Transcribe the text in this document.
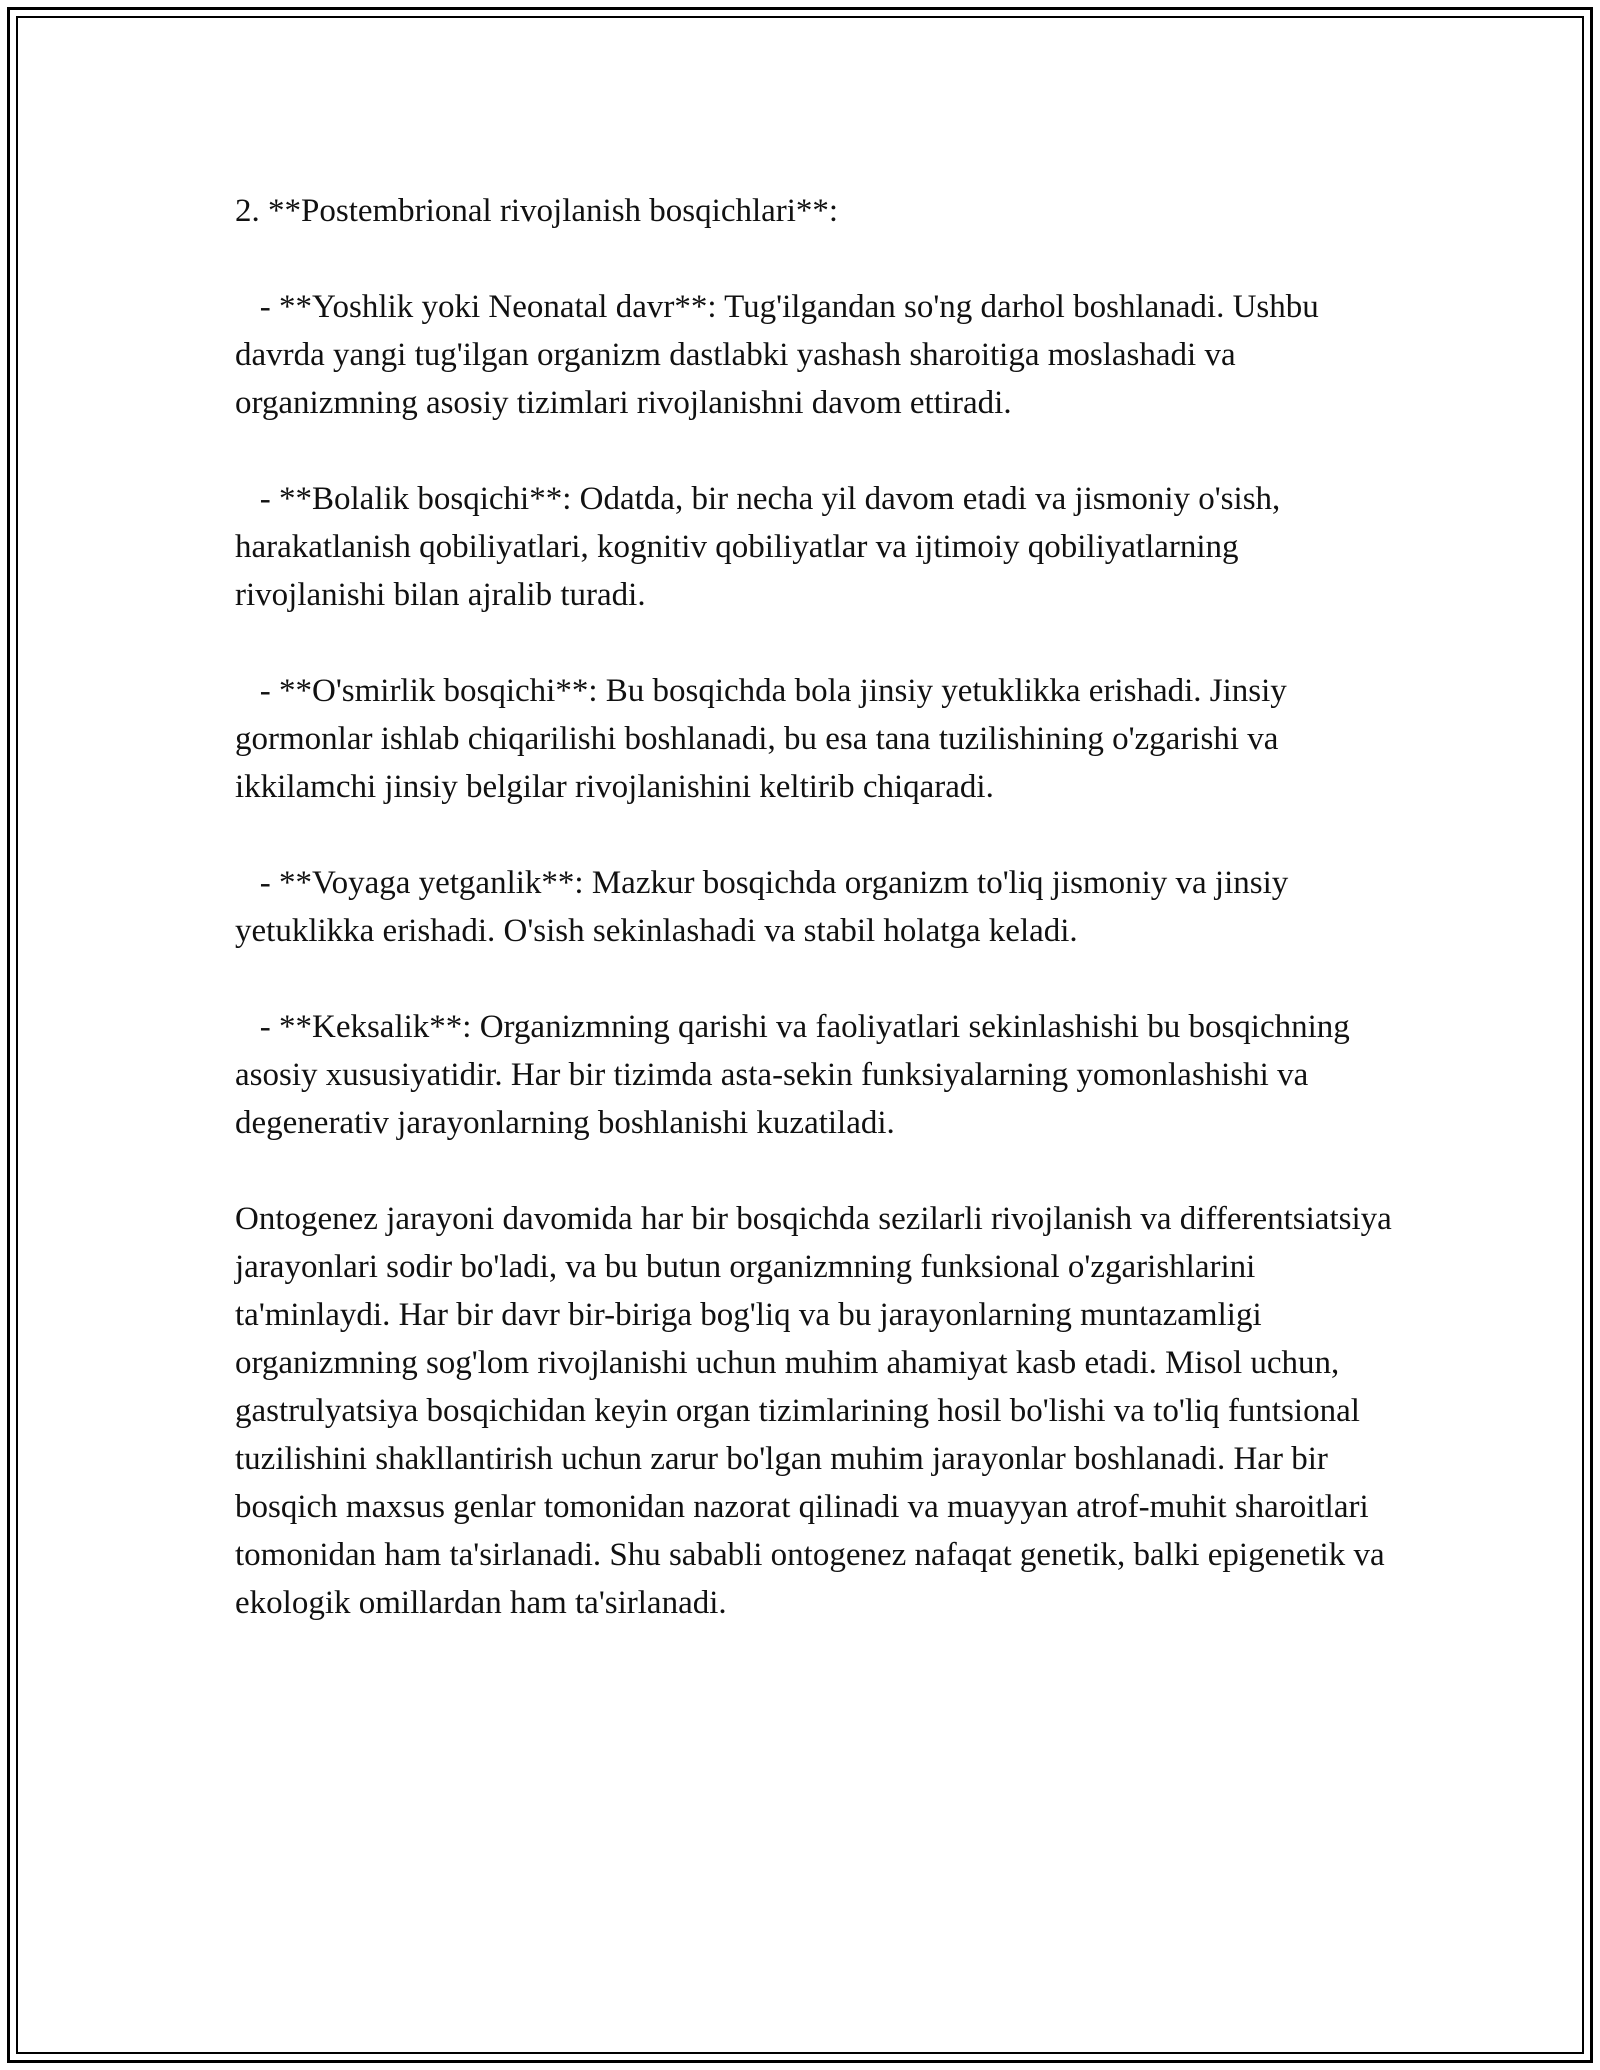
2. **Postembrional rivojlanish bosqichlari**:

- **Yoshlik yoki Neonatal davr**: Tug'ilgandan so'ng darhol boshlanadi. Ushbu davrda yangi tug'ilgan organizm dastlabki yashash sharoitiga moslashadi va organizmning asosiy tizimlari rivojlanishni davom ettiradi.

- **Bolalik bosqichi**: Odatda, bir necha yil davom etadi va jismoniy o'sish, harakatlanish qobiliyatlari, kognitiv qobiliyatlar va ijtimoiy qobiliyatlarning rivojlanishi bilan ajralib turadi.

- **O'smirlik bosqichi**: Bu bosqichda bola jinsiy yetuklikka erishadi. Jinsiy gormonlar ishlab chiqarilishi boshlanadi, bu esa tana tuzilishining o'zgarishi va ikkilamchi jinsiy belgilar rivojlanishini keltirib chiqaradi.

- **Voyaga yetganlik**: Mazkur bosqichda organizm to'liq jismoniy va jinsiy yetuklikka erishadi. O'sish sekinlashadi va stabil holatga keladi.

- **Keksalik**: Organizmning qarishi va faoliyatlari sekinlashishi bu bosqichning asosiy xususiyatidir. Har bir tizimda asta-sekin funksiyalarning yomonlashishi va degenerativ jarayonlarning boshlanishi kuzatiladi.

Ontogenez jarayoni davomida har bir bosqichda sezilarli rivojlanish va differentsiatsiya jarayonlari sodir bo'ladi, va bu butun organizmning funksional o'zgarishlarini ta'minlaydi. Har bir davr bir-biriga bog'liq va bu jarayonlarning muntazamligi organizmning sog'lom rivojlanishi uchun muhim ahamiyat kasb etadi. Misol uchun, gastrulyatsiya bosqichidan keyin organ tizimlarining hosil bo'lishi va to'liq funtsional tuzilishini shakllantirish uchun zarur bo'lgan muhim jarayonlar boshlanadi. Har bir bosqich maxsus genlar tomonidan nazorat qilinadi va muayyan atrof-muhit sharoitlari tomonidan ham ta'sirlanadi. Shu sababli ontogenez nafaqat genetik, balki epigenetik va ekologik omillardan ham ta'sirlanadi.
